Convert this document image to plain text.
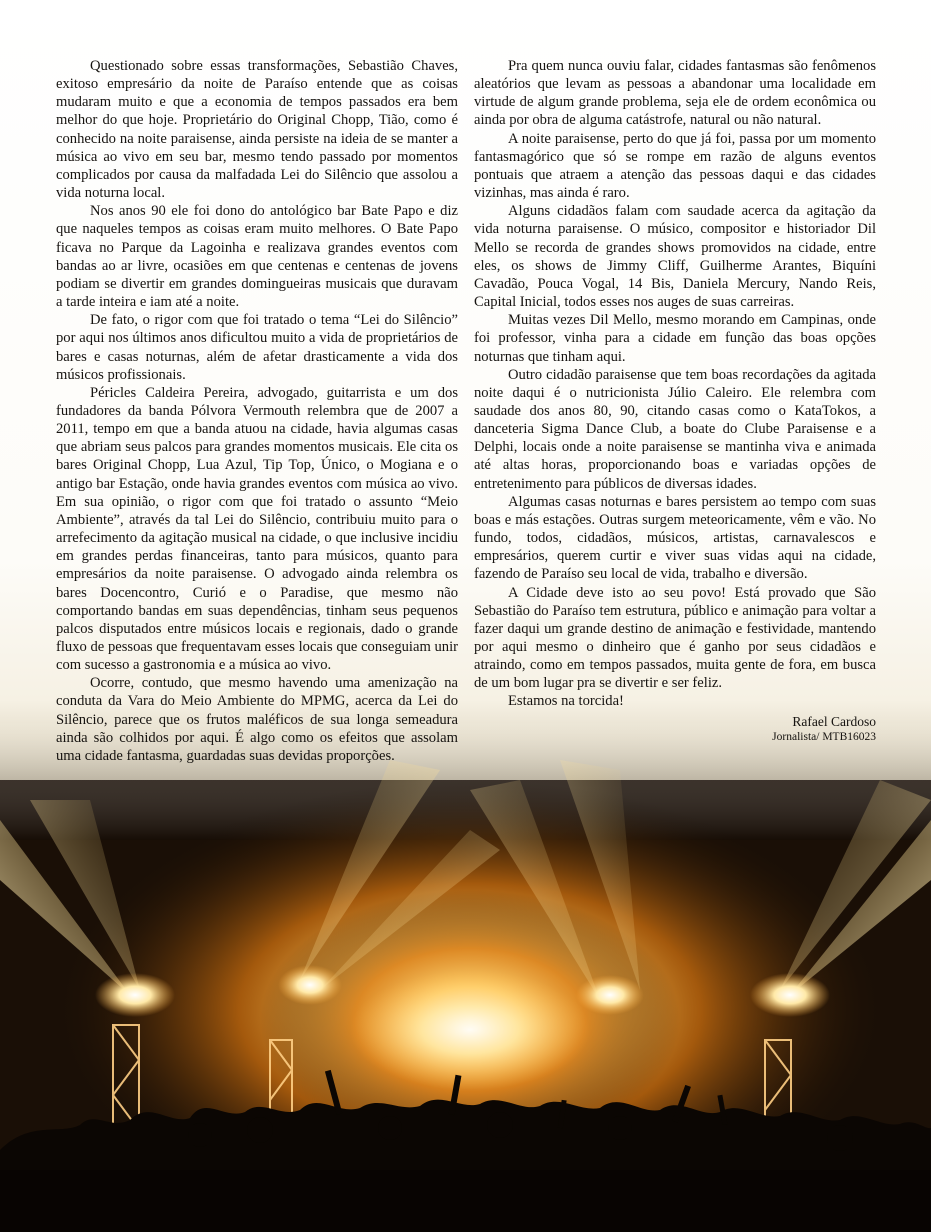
Questionado sobre essas transformações, Sebastião Chaves, exitoso empresário da noite de Paraíso entende que as coisas mudaram muito e que a economia de tempos passados era bem melhor do que hoje. Proprietário do Original Chopp, Tião, como é conhecido na noite paraisense, ainda persiste na ideia de se manter a música ao vivo em seu bar, mesmo tendo passado por momentos complicados por causa da malfadada Lei do Silêncio que assolou a vida noturna local.

Nos anos 90 ele foi dono do antológico bar Bate Papo e diz que naqueles tempos as coisas eram muito melhores. O Bate Papo ficava no Parque da Lagoinha e realizava grandes eventos com bandas ao ar livre, ocasiões em que centenas e centenas de jovens podiam se divertir em grandes domingueiras musicais que duravam a tarde inteira e iam até a noite.

De fato, o rigor com que foi tratado o tema “Lei do Silêncio” por aqui nos últimos anos dificultou muito a vida de proprietários de bares e casas noturnas, além de afetar drasticamente a vida dos músicos profissionais.

Péricles Caldeira Pereira, advogado, guitarrista e um dos fundadores da banda Pólvora Vermouth relembra que de 2007 a 2011, tempo em que a banda atuou na cidade, havia algumas casas que abriam seus palcos para grandes momentos musicais. Ele cita os bares Original Chopp, Lua Azul, Tip Top, Único, o Mogiana e o antigo bar Estação, onde havia grandes eventos com música ao vivo. Em sua opinião, o rigor com que foi tratado o assunto “Meio Ambiente”, através da tal Lei do Silêncio, contribuiu muito para o arrefecimento da agitação musical na cidade, o que inclusive incidiu em grandes perdas financeiras, tanto para músicos, quanto para empresários da noite paraisense. O advogado ainda relembra os bares Docencontro, Curió e o Paradise, que mesmo não comportando bandas em suas dependências, tinham seus pequenos palcos disputados entre músicos locais e regionais, dado o grande fluxo de pessoas que frequentavam esses locais que conseguiam unir com sucesso a gastronomia e a música ao vivo.

Ocorre, contudo, que mesmo havendo uma amenização na conduta da Vara do Meio Ambiente do MPMG, acerca da Lei do Silêncio, parece que os frutos maléficos de sua longa semeadura ainda são colhidos por aqui. É algo como os efeitos que assolam uma cidade fantasma, guardadas suas devidas proporções.

Pra quem nunca ouviu falar, cidades fantasmas são fenômenos aleatórios que levam as pessoas a abandonar uma localidade em virtude de algum grande problema, seja ele de ordem econômica ou ainda por obra de alguma catástrofe, natural ou não natural.

A noite paraisense, perto do que já foi, passa por um momento fantasmagórico que só se rompe em razão de alguns eventos pontuais que atraem a atenção das pessoas daqui e das cidades vizinhas, mas ainda é raro.

Alguns cidadãos falam com saudade acerca da agitação da vida noturna paraisense. O músico, compositor e historiador Dil Mello se recorda de grandes shows promovidos na cidade, entre eles, os shows de Jimmy Cliff, Guilherme Arantes, Biquíni Cavadão, Pouca Vogal, 14 Bis, Daniela Mercury, Nando Reis, Capital Inicial, todos esses nos auges de suas carreiras.

Muitas vezes Dil Mello, mesmo morando em Campinas, onde foi professor, vinha para a cidade em função das boas opções noturnas que tinham aqui.

Outro cidadão paraisense que tem boas recordações da agitada noite daqui é o nutricionista Júlio Caleiro. Ele relembra com saudade dos anos 80, 90, citando casas como o KataTokos, a danceteria Sigma Dance Club, a boate do Clube Paraisense e a Delphi, locais onde a noite paraisense se mantinha viva e animada até altas horas, proporcionando boas e variadas opções de entretenimento para públicos de diversas idades.

Algumas casas noturnas e bares persistem ao tempo com suas boas e más estações. Outras surgem meteoricamente, vêm e vão. No fundo, todos, cidadãos, músicos, artistas, carnavalescos e empresários, querem curtir e viver suas vidas aqui na cidade, fazendo de Paraíso seu local de vida, trabalho e diversão.

A Cidade deve isto ao seu povo! Está provado que São Sebastião do Paraíso tem estrutura, público e animação para voltar a fazer daqui um grande destino de animação e festividade, mantendo por aqui mesmo o dinheiro que é ganho por seus cidadãos e atraindo, como em tempos passados, muita gente de fora, em busca de um bom lugar pra se divertir e ser feliz.

Estamos na torcida!

Rafael Cardoso
Jornalista/ MTB16023
